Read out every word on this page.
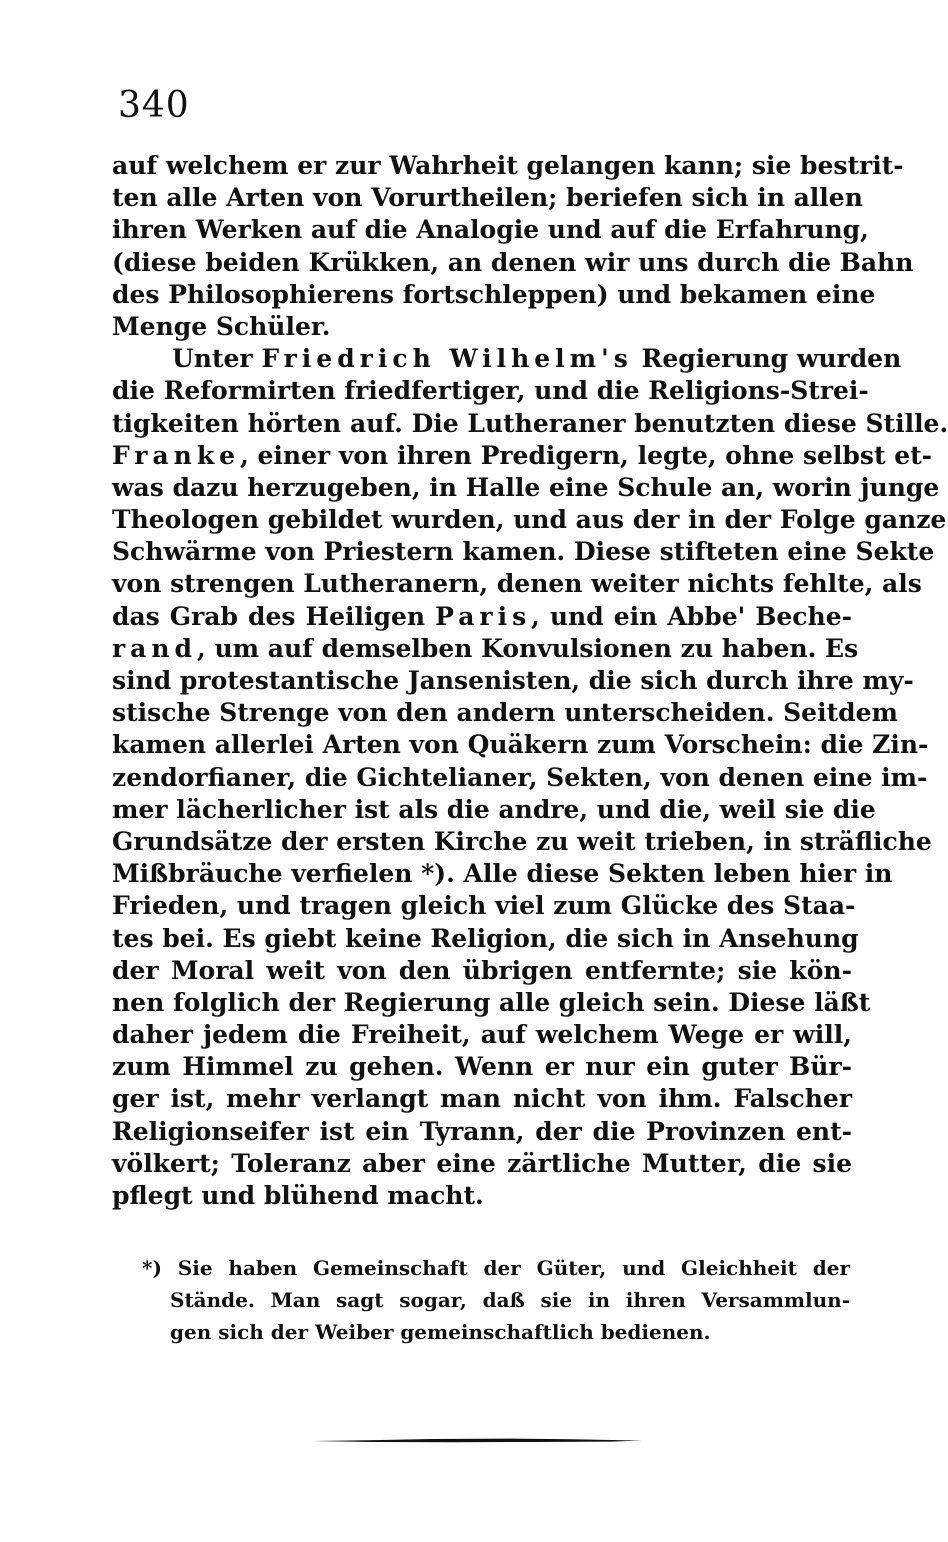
340
auf welchem er zur Wahrheit gelangen kann; sie bestrit-
ten alle Arten von Vorurtheilen; beriefen sich in allen
ihren Werken auf die Analogie und auf die Erfahrung,
(diese beiden Krükken, an denen wir uns durch die Bahn
des Philosophierens fortschleppen) und bekamen eine
Menge Schüler.
Unter Friedrich Wilhelm's Regierung wurden
die Reformirten friedfertiger, und die Religions-Strei-
tigkeiten hörten auf. Die Lutheraner benutzten diese Stille.
Franke, einer von ihren Predigern, legte, ohne selbst et-
was dazu herzugeben, in Halle eine Schule an, worin junge
Theologen gebildet wurden, und aus der in der Folge ganze
Schwärme von Priestern kamen. Diese stifteten eine Sekte
von strengen Lutheranern, denen weiter nichts fehlte, als
das Grab des Heiligen Paris, und ein Abbe' Beche-
rand, um auf demselben Konvulsionen zu haben. Es
sind protestantische Jansenisten, die sich durch ihre my-
stische Strenge von den andern unterscheiden. Seitdem
kamen allerlei Arten von Quäkern zum Vorschein: die Zin-
zendorfianer, die Gichtelianer, Sekten, von denen eine im-
mer lächerlicher ist als die andre, und die, weil sie die
Grundsätze der ersten Kirche zu weit trieben, in sträfliche
Mißbräuche verfielen *). Alle diese Sekten leben hier in
Frieden, und tragen gleich viel zum Glücke des Staa-
tes bei. Es giebt keine Religion, die sich in Ansehung
der Moral weit von den übrigen entfernte; sie kön-
nen folglich der Regierung alle gleich sein. Diese läßt
daher jedem die Freiheit, auf welchem Wege er will,
zum Himmel zu gehen. Wenn er nur ein guter Bür-
ger ist, mehr verlangt man nicht von ihm. Falscher
Religionseifer ist ein Tyrann, der die Provinzen ent-
völkert; Toleranz aber eine zärtliche Mutter, die sie
pflegt und blühend macht.
*) Sie haben Gemeinschaft der Güter, und Gleichheit der
Stände. Man sagt sogar, daß sie in ihren Versammlun-
gen sich der Weiber gemeinschaftlich bedienen.
